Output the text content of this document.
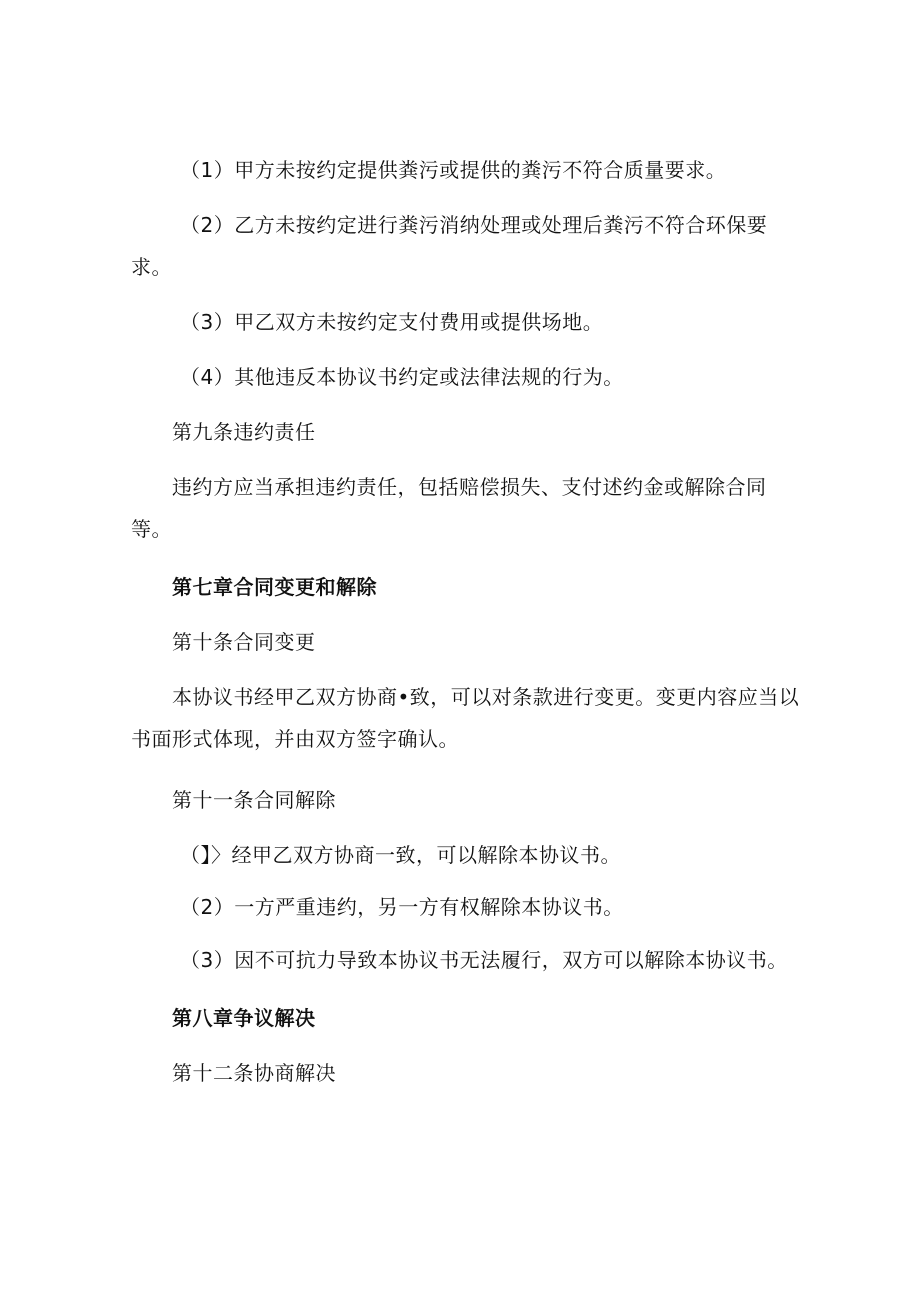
（1）甲方未按约定提供粪污或提供的粪污不符合质量要求。
（2）乙方未按约定进行粪污消纳处理或处理后粪污不符合环保要
求。
（3）甲乙双方未按约定支付费用或提供场地。
（4）其他违反本协议书约定或法律法规的行为。
第九条违约责任
违约方应当承担违约责任，包括赔偿损失、支付述约金或解除合同
等。
第七章合同变更和解除
第十条合同变更
本协议书经甲乙双方协商•致，可以对条款进行变更。变更内容应当以
书面形式体现，并由双方签字确认。
第十一条合同解除
（】〉经甲乙双方协商一致，可以解除本协议书。
（2）一方严重违约，另一方有权解除本协议书。
（3）因不可抗力导致本协议书无法履行，双方可以解除本协议书。
第八章争议解决
第十二条协商解决
